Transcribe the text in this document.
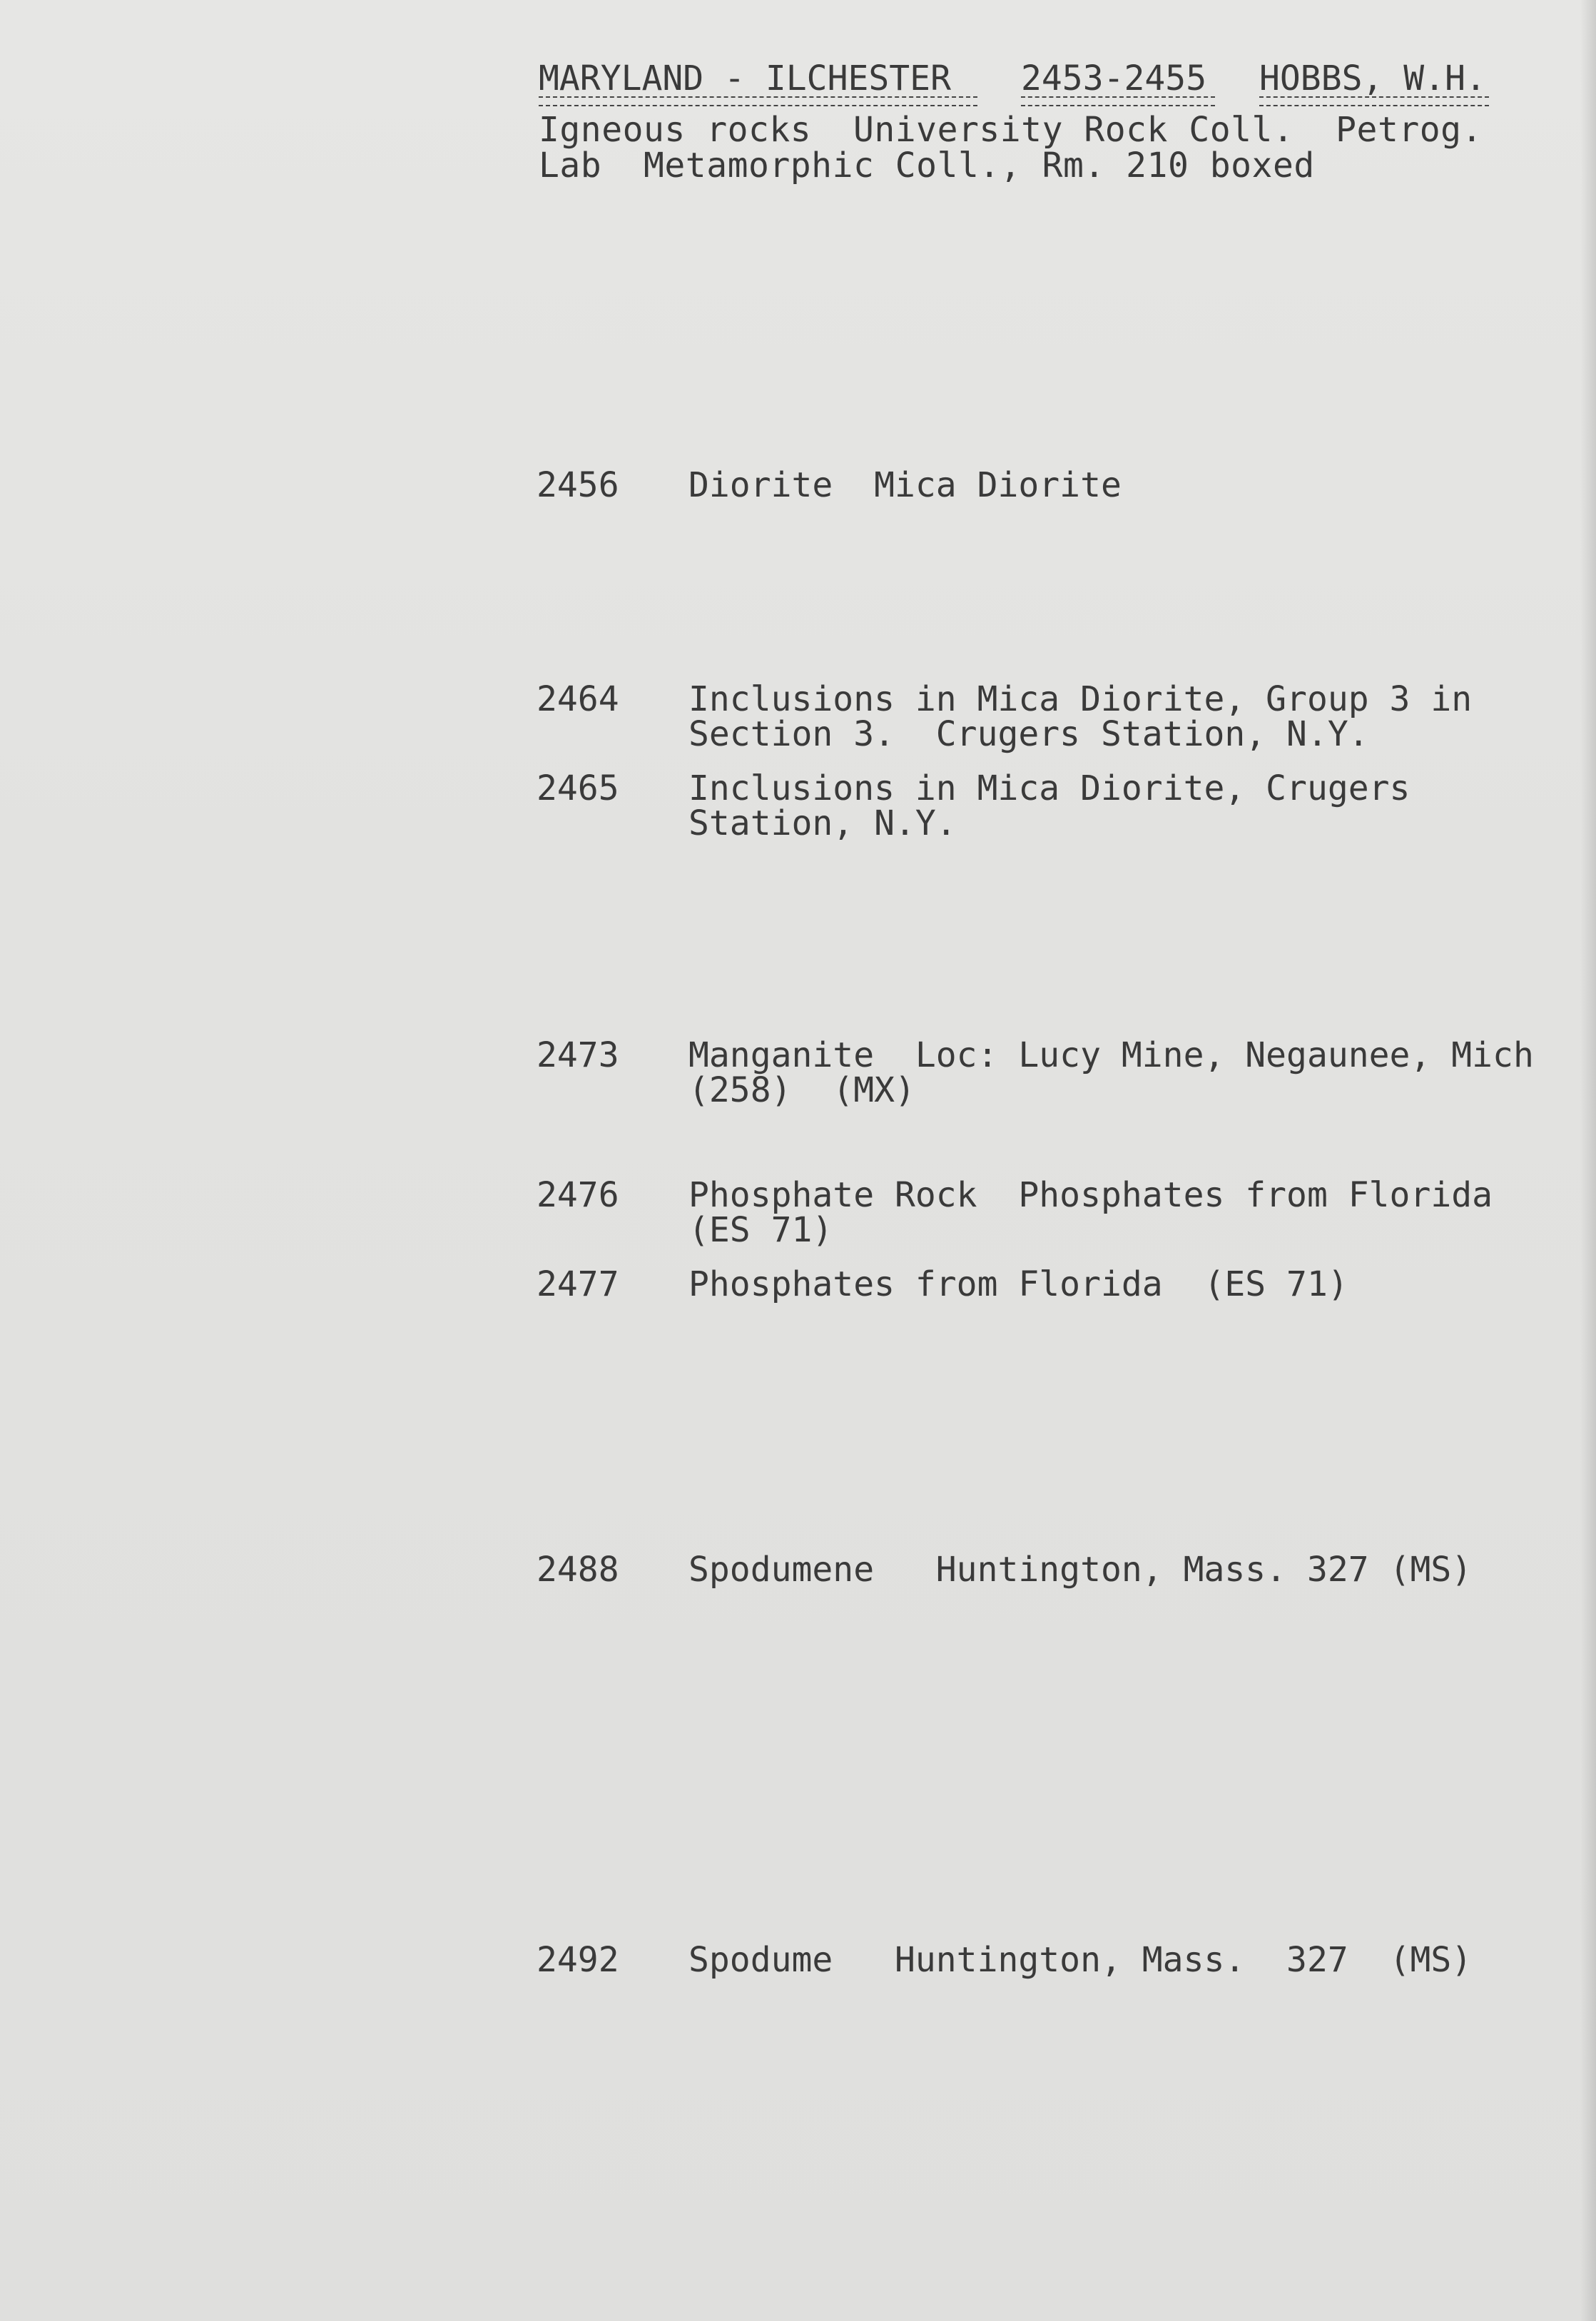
MARYLAND - ILCHESTER 2453-2455 HOBBS, W.H.
Igneous rocks  University Rock Coll.  Petrog.
Lab  Metamorphic Coll., Rm. 210 boxed
2456 Diorite  Mica Diorite
2464 Inclusions in Mica Diorite, Group 3 in
Section 3.  Crugers Station, N.Y.
2465 Inclusions in Mica Diorite, Crugers
Station, N.Y.
2473 Manganite  Loc: Lucy Mine, Negaunee, Mich
(258)  (MX)
2476 Phosphate Rock  Phosphates from Florida
(ES 71)
2477 Phosphates from Florida  (ES 71)
2488 Spodumene   Huntington, Mass. 327 (MS)
2492 Spodume   Huntington, Mass.  327  (MS)
